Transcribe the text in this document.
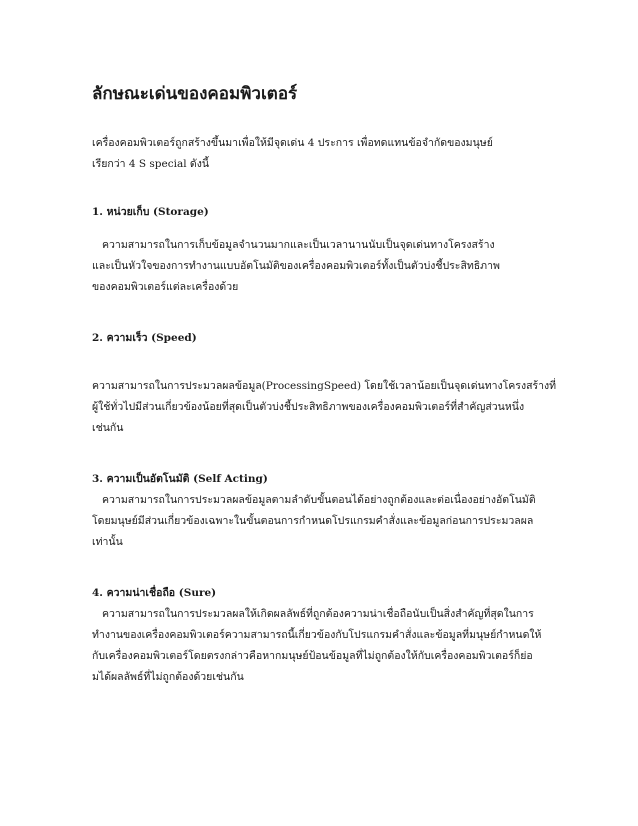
ลักษณะเด่นของคอมพิวเตอร์

เครื่องคอมพิวเตอร์ถูกสร้างขึ้นมาเพื่อให้มีจุดเด่น 4 ประการ เพื่อทดแทนข้อจำกัดของมนุษย์

เรียกว่า 4 S special ดังนี้

1. หน่วยเก็บ (Storage)

ความสามารถในการเก็บข้อมูลจำนวนมากและเป็นเวลานานนับเป็นจุดเด่นทางโครงสร้าง

และเป็นหัวใจของการทำงานแบบอัตโนมัติของเครื่องคอมพิวเตอร์ทั้งเป็นตัวบ่งชี้ประสิทธิภาพ

ของคอมพิวเตอร์แต่ละเครื่องด้วย

2. ความเร็ว (Speed)

ความสามารถในการประมวลผลข้อมูล(ProcessingSpeed) โดยใช้เวลาน้อยเป็นจุดเด่นทางโครงสร้างที่

ผู้ใช้ทั่วไปมีส่วนเกี่ยวข้องน้อยที่สุดเป็นตัวบ่งชี้ประสิทธิภาพของเครื่องคอมพิวเตอร์ที่สำคัญส่วนหนึ่ง

เช่นกัน

3. ความเป็นอัตโนมัติ (Self Acting)

ความสามารถในการประมวลผลข้อมูลตามลำดับขั้นตอนได้อย่างถูกต้องและต่อเนื่องอย่างอัตโนมัติ

โดยมนุษย์มีส่วนเกี่ยวข้องเฉพาะในขั้นตอนการกำหนดโปรแกรมคำสั่งและข้อมูลก่อนการประมวลผล

เท่านั้น

4. ความน่าเชื่อถือ (Sure)

ความสามารถในการประมวลผลให้เกิดผลลัพธ์ที่ถูกต้องความน่าเชื่อถือนับเป็นสิ่งสำคัญที่สุดในการ

ทำงานของเครื่องคอมพิวเตอร์ความสามารถนี้เกี่ยวข้องกับโปรแกรมคำสั่งและข้อมูลที่มนุษย์กำหนดให้

กับเครื่องคอมพิวเตอร์โดยตรงกล่าวคือหากมนุษย์ป้อนข้อมูลที่ไม่ถูกต้องให้กับเครื่องคอมพิวเตอร์ก็ย่อ

มได้ผลลัพธ์ที่ไม่ถูกต้องด้วยเช่นกัน
